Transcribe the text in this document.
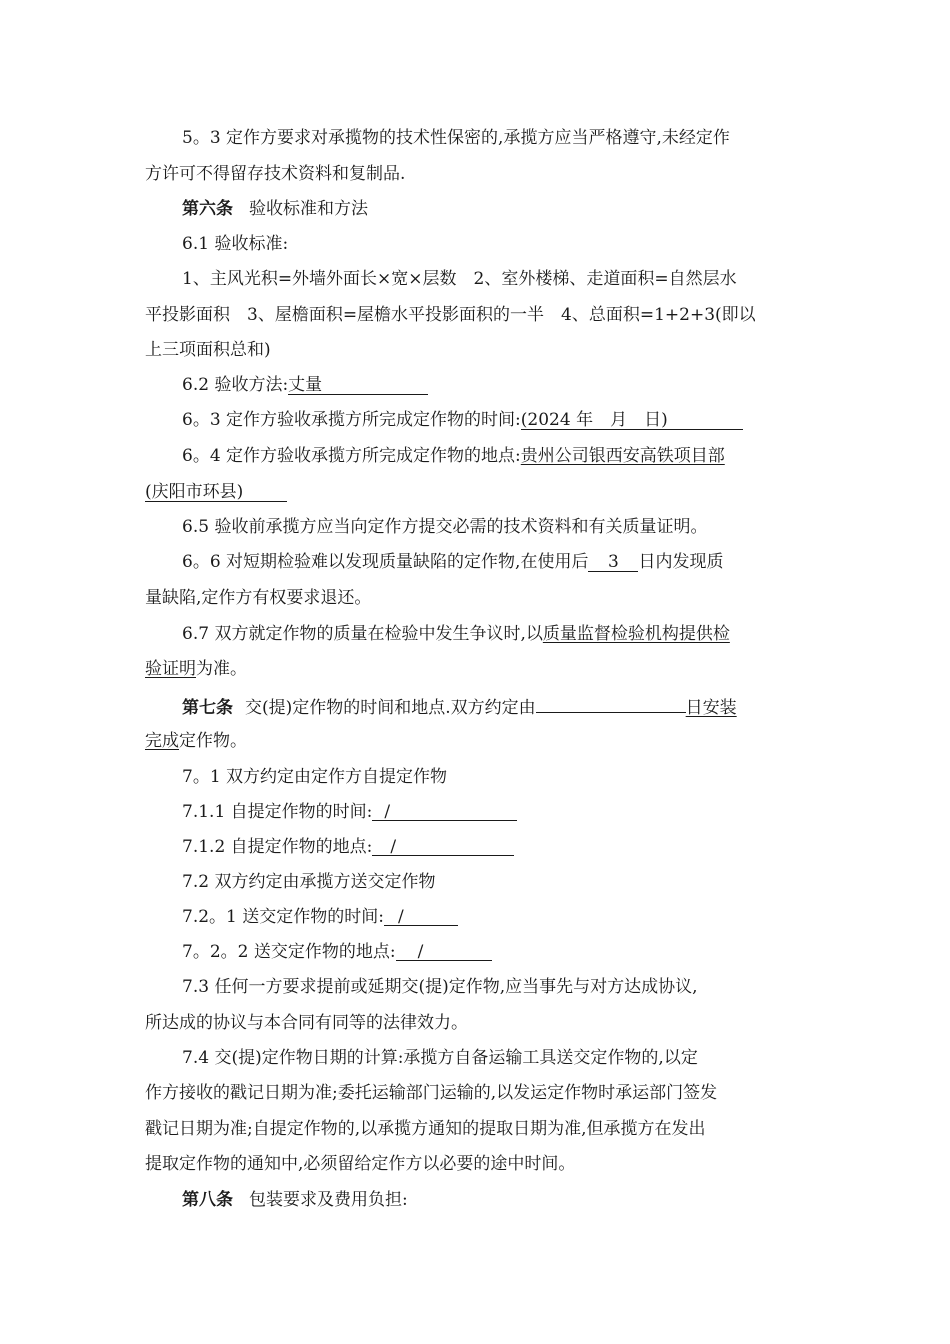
5。3 定作方要求对承揽物的技术性保密的,承揽方应当严格遵守,未经定作
方许可不得留存技术资料和复制品.
第六条 验收标准和方法
6.1 验收标准:
1、主风光积=外墙外面长×宽×层数　2、室外楼梯、走道面积=自然层水
平投影面积　3、屋檐面积=屋檐水平投影面积的一半　4、总面积=1+2+3(即以
上三项面积总和)
6.2 验收方法:丈量
6。3 定作方验收承揽方所完成定作物的时间:(2024 年　月　日)
6。4 定作方验收承揽方所完成定作物的地点:贵州公司银西安高铁项目部
(庆阳市环县)
6.5 验收前承揽方应当向定作方提交必需的技术资料和有关质量证明。
6。6 对短期检验难以发现质量缺陷的定作物,在使用后 3 日内发现质
量缺陷,定作方有权要求退还。
6.7 双方就定作物的质量在检验中发生争议时,以质量监督检验机构提供检
验证明为准。
第七条 交(提)定作物的时间和地点.双方约定由	日安装
完成定作物。
7。1 双方约定由定作方自提定作物
7.1.1 自提定作物的时间: /
7.1.2 自提定作物的地点: /
7.2 双方约定由承揽方送交定作物
7.2。1 送交定作物的时间: /
7。2。2 送交定作物的地点: /
7.3 任何一方要求提前或延期交(提)定作物,应当事先与对方达成协议,
所达成的协议与本合同有同等的法律效力。
7.4 交(提)定作物日期的计算:承揽方自备运输工具送交定作物的,以定
作方接收的戳记日期为准;委托运输部门运输的,以发运定作物时承运部门签发
戳记日期为准;自提定作物的,以承揽方通知的提取日期为准,但承揽方在发出
提取定作物的通知中,必须留给定作方以必要的途中时间。
第八条 包装要求及费用负担:
